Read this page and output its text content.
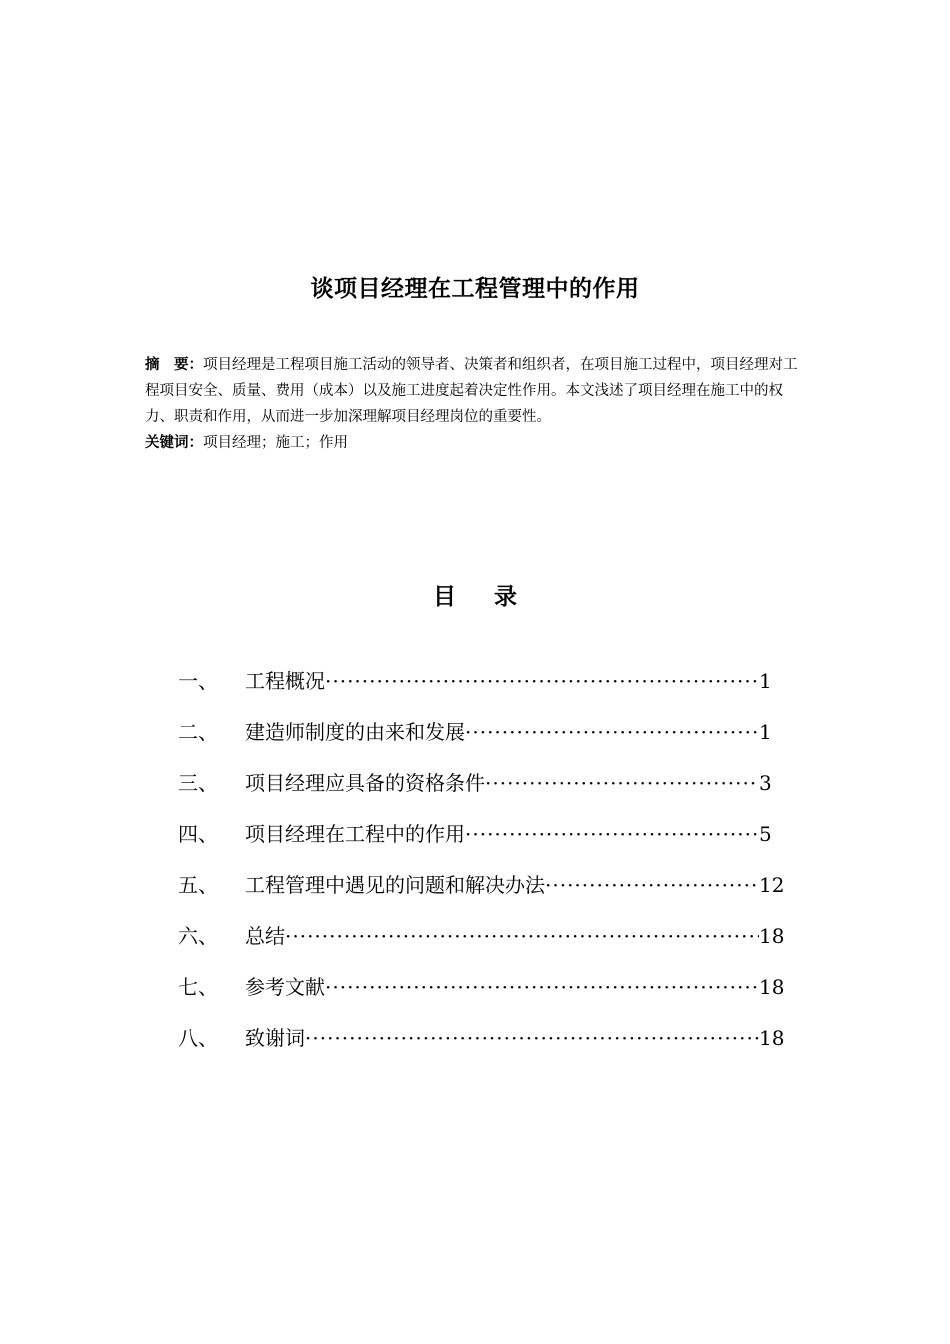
谈项目经理在工程管理中的作用

摘　要：项目经理是工程项目施工活动的领导者、决策者和组织者，在项目施工过程中，项目经理对工程项目安全、质量、费用（成本）以及施工进度起着决定性作用。本文浅述了项目经理在施工中的权力、职责和作用，从而进一步加深理解项目经理岗位的重要性。

关键词：项目经理；施工；作用

目 录
一、	工程概况 ·····	1
二、	建造师制度的由来和发展 ·····	1
三、	项目经理应具备的资格条件 ·····	3
四、	项目经理在工程中的作用 ·····	5
五、	工程管理中遇见的问题和解决办法 ·····	12
六、	总结 ·····	18
七、	参考文献 ·····	18
八、	致谢词 ·····	18
